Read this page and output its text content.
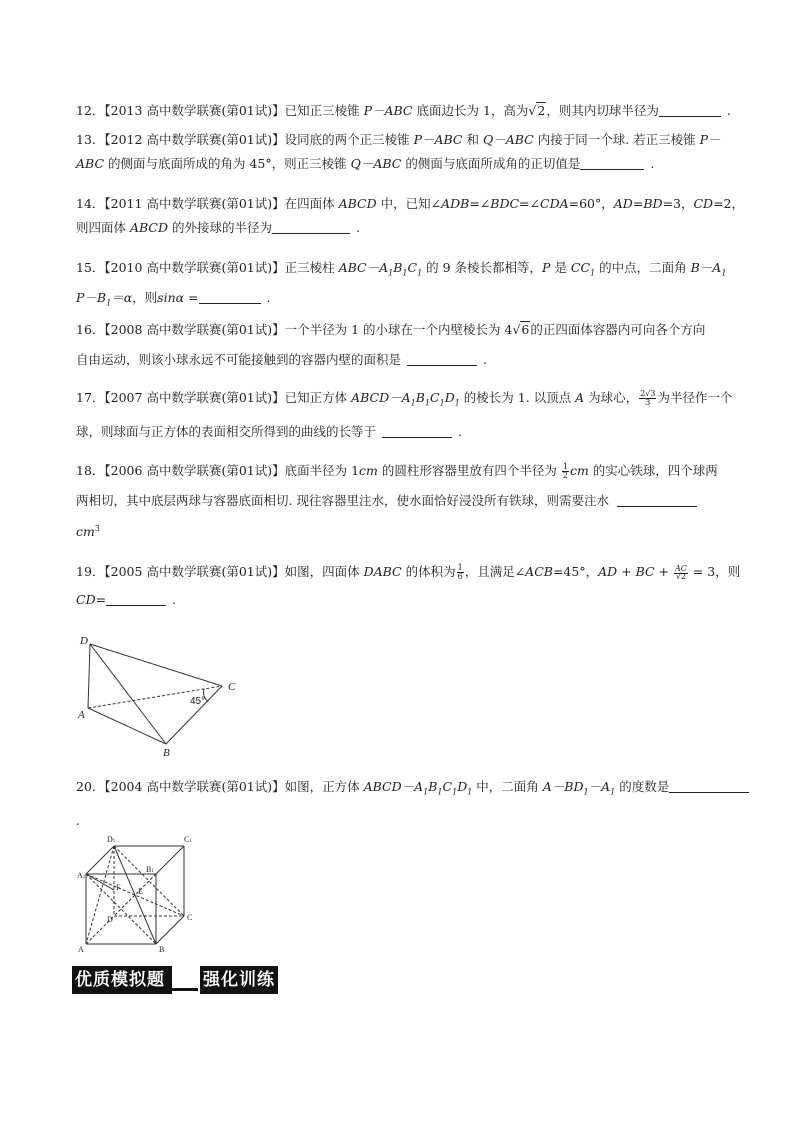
12．【2013 高中数学联赛(第01试)】已知正三棱锥 P－ABC 底面边长为 1，高为√2，则其内切球半径为	.
13．【2012 高中数学联赛(第01试)】设同底的两个正三棱锥 P－ABC 和 Q－ABC 内接于同一个球. 若正三棱锥 P－
ABC 的侧面与底面所成的角为 45°，则正三棱锥 Q－ABC 的侧面与底面所成角的正切值是	.
14．【2011 高中数学联赛(第01试)】在四面体 ABCD 中，已知∠ADB=∠BDC=∠CDA=60°，AD=BD=3，CD=2，
则四面体 ABCD 的外接球的半径为	.
15．【2010 高中数学联赛(第01试)】正三棱柱 $ABC-A_1B_1C_1$ 的 9 条棱长都相等，P 是 $CC_1$ 的中点，二面角 $B-A_1$
$P-B_1=\alpha$，则sinα =	.
16．【2008 高中数学联赛(第01试)】一个半径为 1 的小球在一个内壁棱长为 4√6的正四面体容器内可向各个方向
自由运动，则该小球永远不可能接触到的容器内壁的面积是	.
17．【2007 高中数学联赛(第01试)】已知正方体 $ABCD-A_1B_1C_1D_1$ 的棱长为 1. 以顶点 A 为球心， $\frac{2√3}{3}$ 为半径作一个
球，则球面与正方体的表面相交所得到的曲线的长等于	.
18．【2006 高中数学联赛(第01试)】底面半径为 1cm 的圆柱形容器里放有四个半径为 $\frac{1}{2}$ cm 的实心铁球，四个球两
两相切，其中底层两球与容器底面相切. 现往容器里注水，使水面恰好浸没所有铁球，则需要注水
$cm^3$
19．【2005 高中数学联赛(第01试)】如图，四面体 DABC 的体积为 $\frac{1}{6}$ ，且满足∠ACB=45°，AD + BC + $\frac{AC}{√2} = 3$，则
CD=	.
D
A
B
C
45°
20．【2004 高中数学联赛(第01试)】如图，正方体 $ABCD-A_1B_1C_1D_1$ 中，二面角 $A-BD_1-A_1$ 的度数是
.
D1	C1
A1
B1
F E
D	C
A	B
优质模拟题	强化训练
